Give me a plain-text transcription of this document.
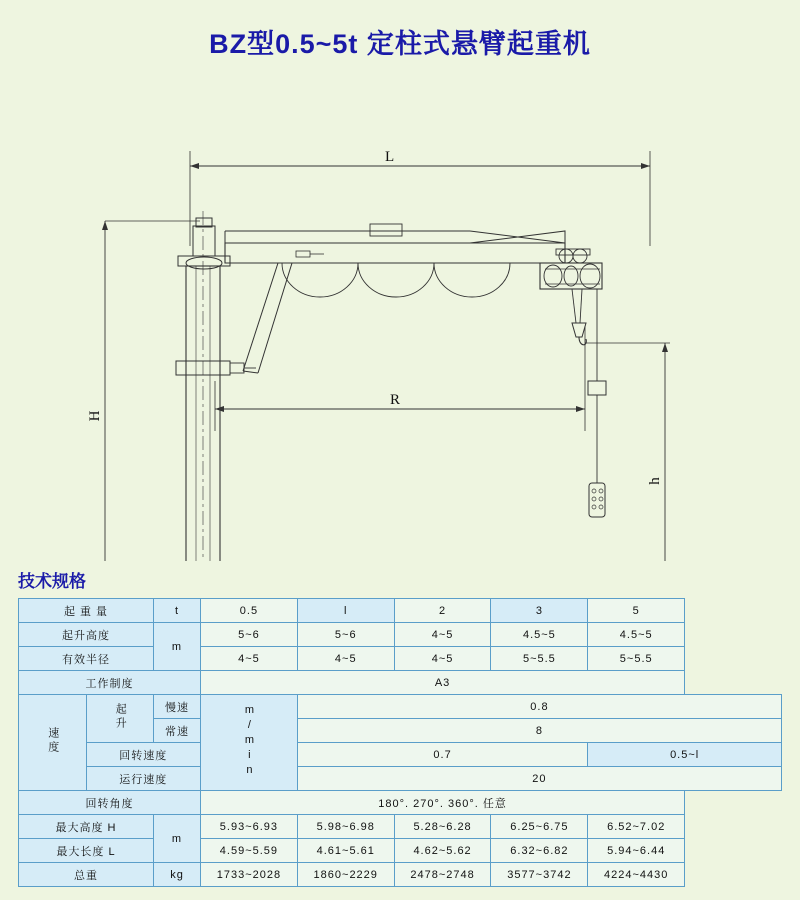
BZ型0.5~5t 定柱式悬臂起重机
L
H
R
h
技术规格
起 重 量		t	0.5	l	2	3	5
起升高度		m	5~6	5~6	4~5	4.5~5	4.5~5
有效半径			4~5	4~5	4~5	5~5.5	5~5.5
工作制度			A3				
速度	起升	慢速	m/min	0.8			
		常速		8			
	回转速度			0.7			0.5~l
	运行速度			20			
回转角度			180°. 270°. 360°. 任意				
最大高度 H		m	5.93~6.93	5.98~6.98	5.28~6.28	6.25~6.75	6.52~7.02
最大长度 L			4.59~5.59	4.61~5.61	4.62~5.62	6.32~6.82	5.94~6.44
总重		kg	1733~2028	1860~2229	2478~2748	3577~3742	4224~4430
